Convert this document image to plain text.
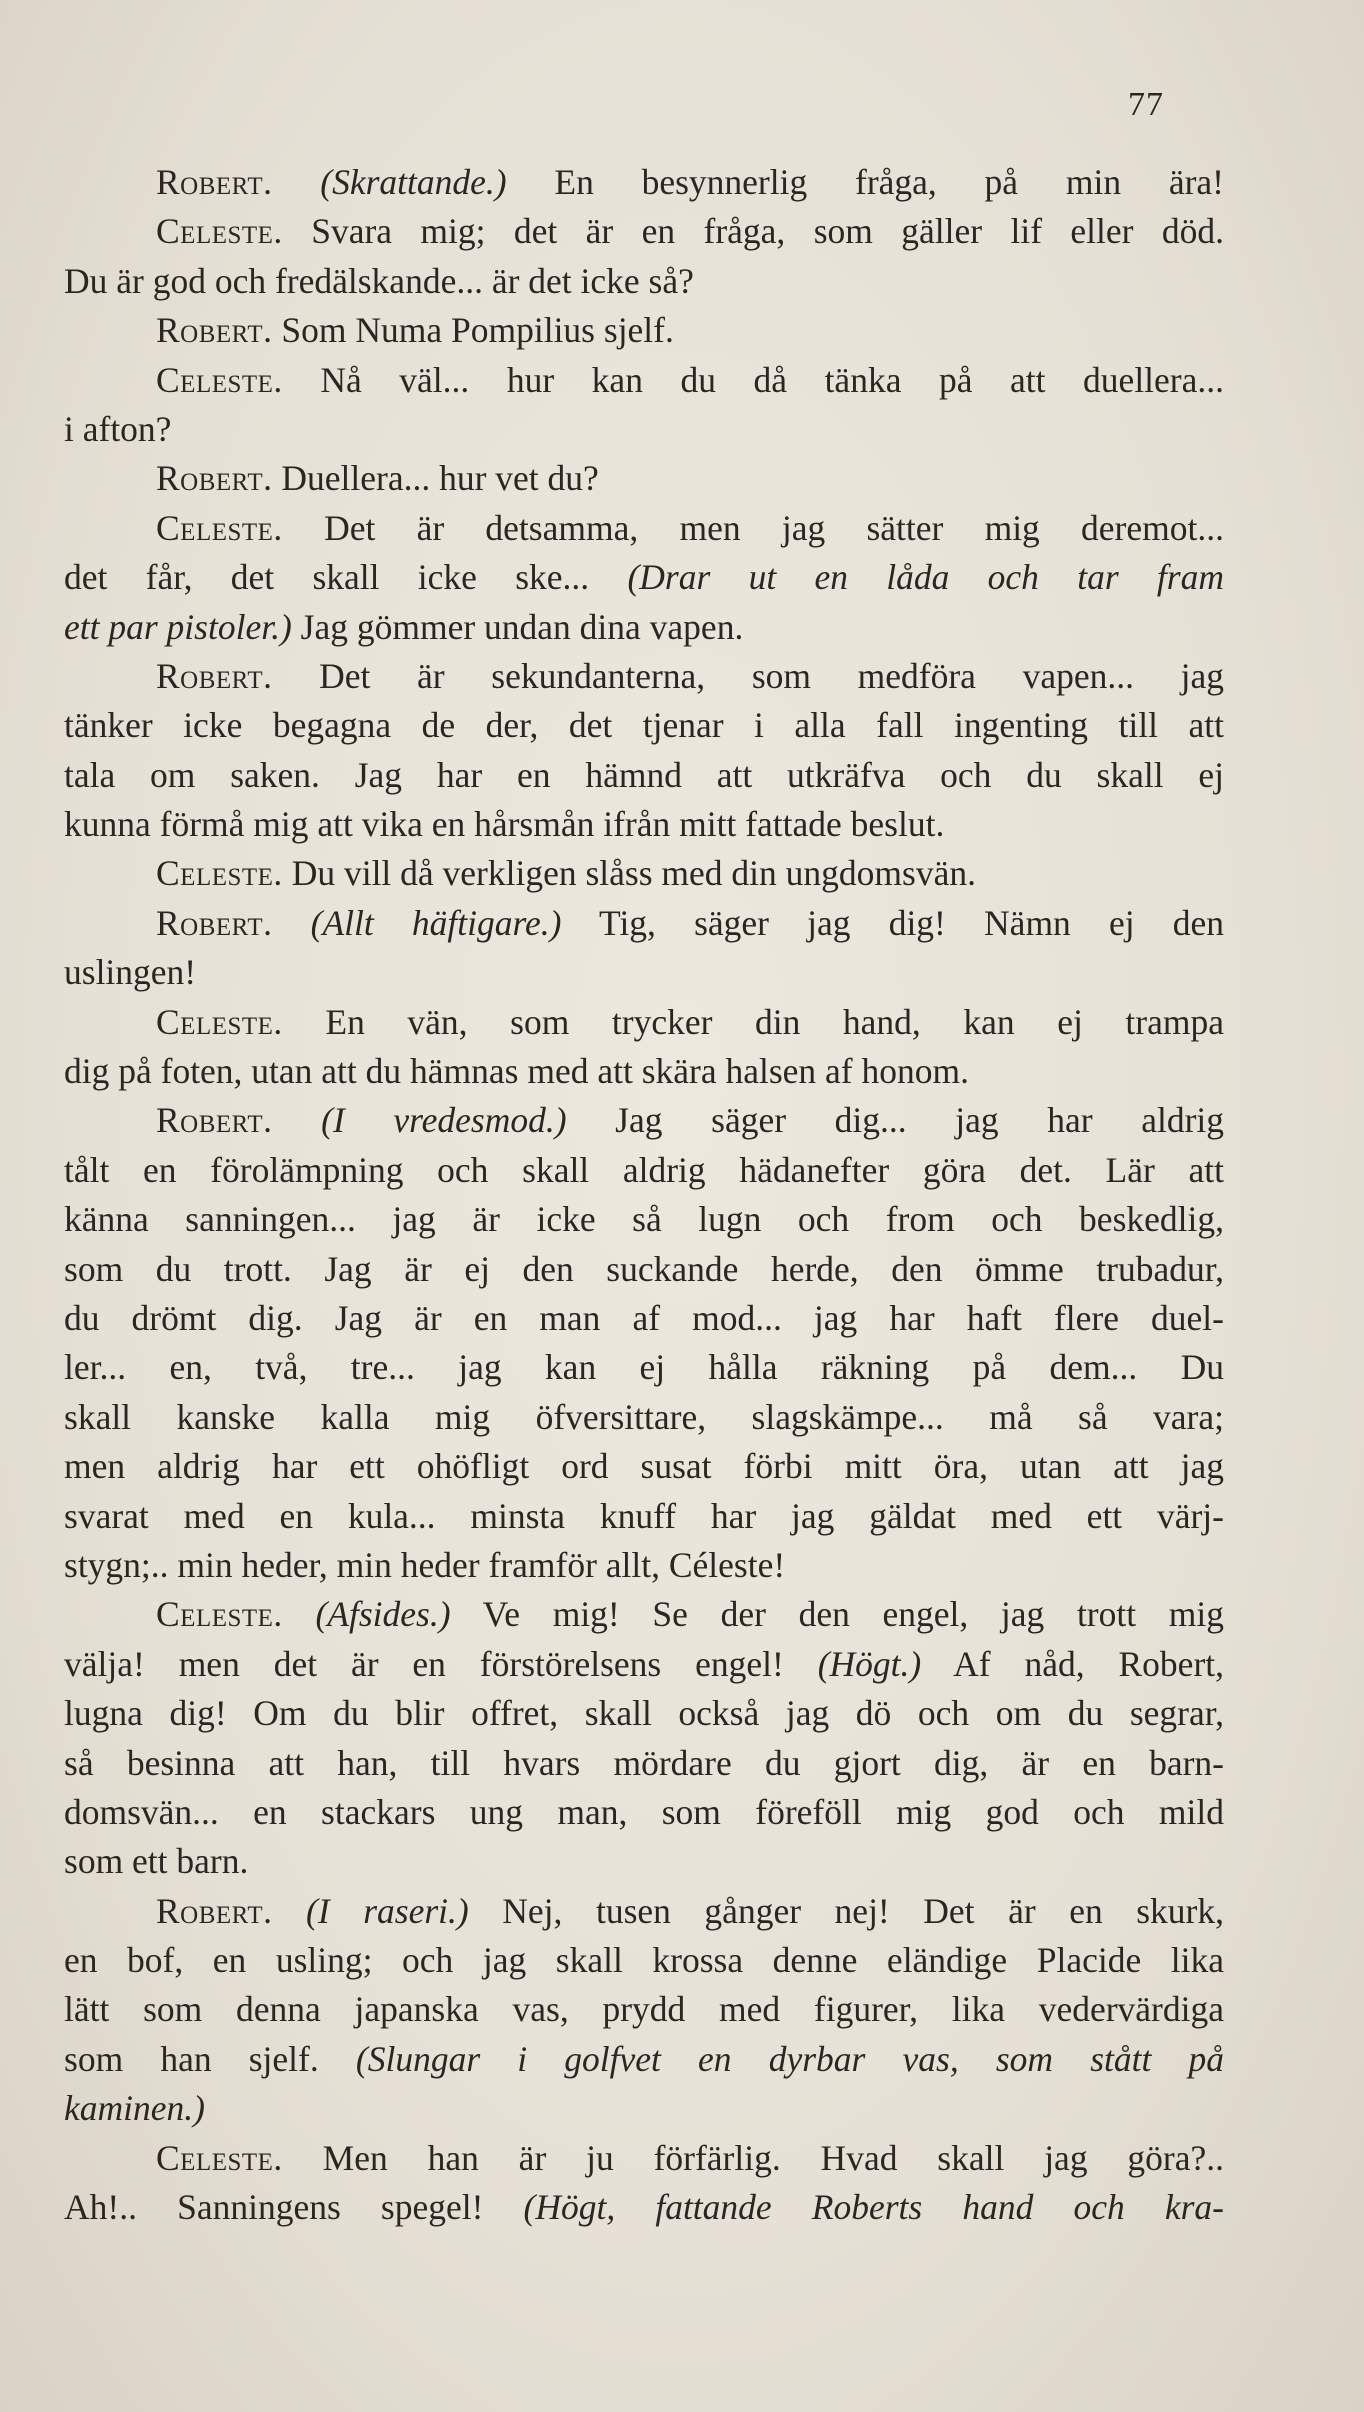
77
Robert. (Skrattande.) En besynnerlig fråga, på min ära!
Celeste. Svara mig; det är en fråga, som gäller lif eller död.
Du är god och fredälskande... är det icke så?
Robert. Som Numa Pompilius sjelf.
Celeste. Nå väl... hur kan du då tänka på att duellera...
i afton?
Robert. Duellera... hur vet du?
Celeste. Det är detsamma, men jag sätter mig deremot...
det får, det skall icke ske... (Drar ut en låda och tar fram
ett par pistoler.) Jag gömmer undan dina vapen.
Robert. Det är sekundanterna, som medföra vapen... jag
tänker icke begagna de der, det tjenar i alla fall ingenting till att
tala om saken. Jag har en hämnd att utkräfva och du skall ej
kunna förmå mig att vika en hårsmån ifrån mitt fattade beslut.
Celeste. Du vill då verkligen slåss med din ungdomsvän.
Robert. (Allt häftigare.) Tig, säger jag dig! Nämn ej den
uslingen!
Celeste. En vän, som trycker din hand, kan ej trampa
dig på foten, utan att du hämnas med att skära halsen af honom.
Robert. (I vredesmod.) Jag säger dig... jag har aldrig
tålt en förolämpning och skall aldrig hädanefter göra det. Lär att
känna sanningen... jag är icke så lugn och from och beskedlig,
som du trott. Jag är ej den suckande herde, den ömme trubadur,
du drömt dig. Jag är en man af mod... jag har haft flere duel-
ler... en, två, tre... jag kan ej hålla räkning på dem... Du
skall kanske kalla mig öfversittare, slagskämpe... må så vara;
men aldrig har ett ohöfligt ord susat förbi mitt öra, utan att jag
svarat med en kula... minsta knuff har jag gäldat med ett värj-
stygn;.. min heder, min heder framför allt, Céleste!
Celeste. (Afsides.) Ve mig! Se der den engel, jag trott mig
välja! men det är en förstörelsens engel! (Högt.) Af nåd, Robert,
lugna dig! Om du blir offret, skall också jag dö och om du segrar,
så besinna att han, till hvars mördare du gjort dig, är en barn-
domsvän... en stackars ung man, som föreföll mig god och mild
som ett barn.
Robert. (I raseri.) Nej, tusen gånger nej! Det är en skurk,
en bof, en usling; och jag skall krossa denne eländige Placide lika
lätt som denna japanska vas, prydd med figurer, lika vedervärdiga
som han sjelf. (Slungar i golfvet en dyrbar vas, som stått på
kaminen.)
Celeste. Men han är ju förfärlig. Hvad skall jag göra?..
Ah!.. Sanningens spegel! (Högt, fattande Roberts hand och kra-
